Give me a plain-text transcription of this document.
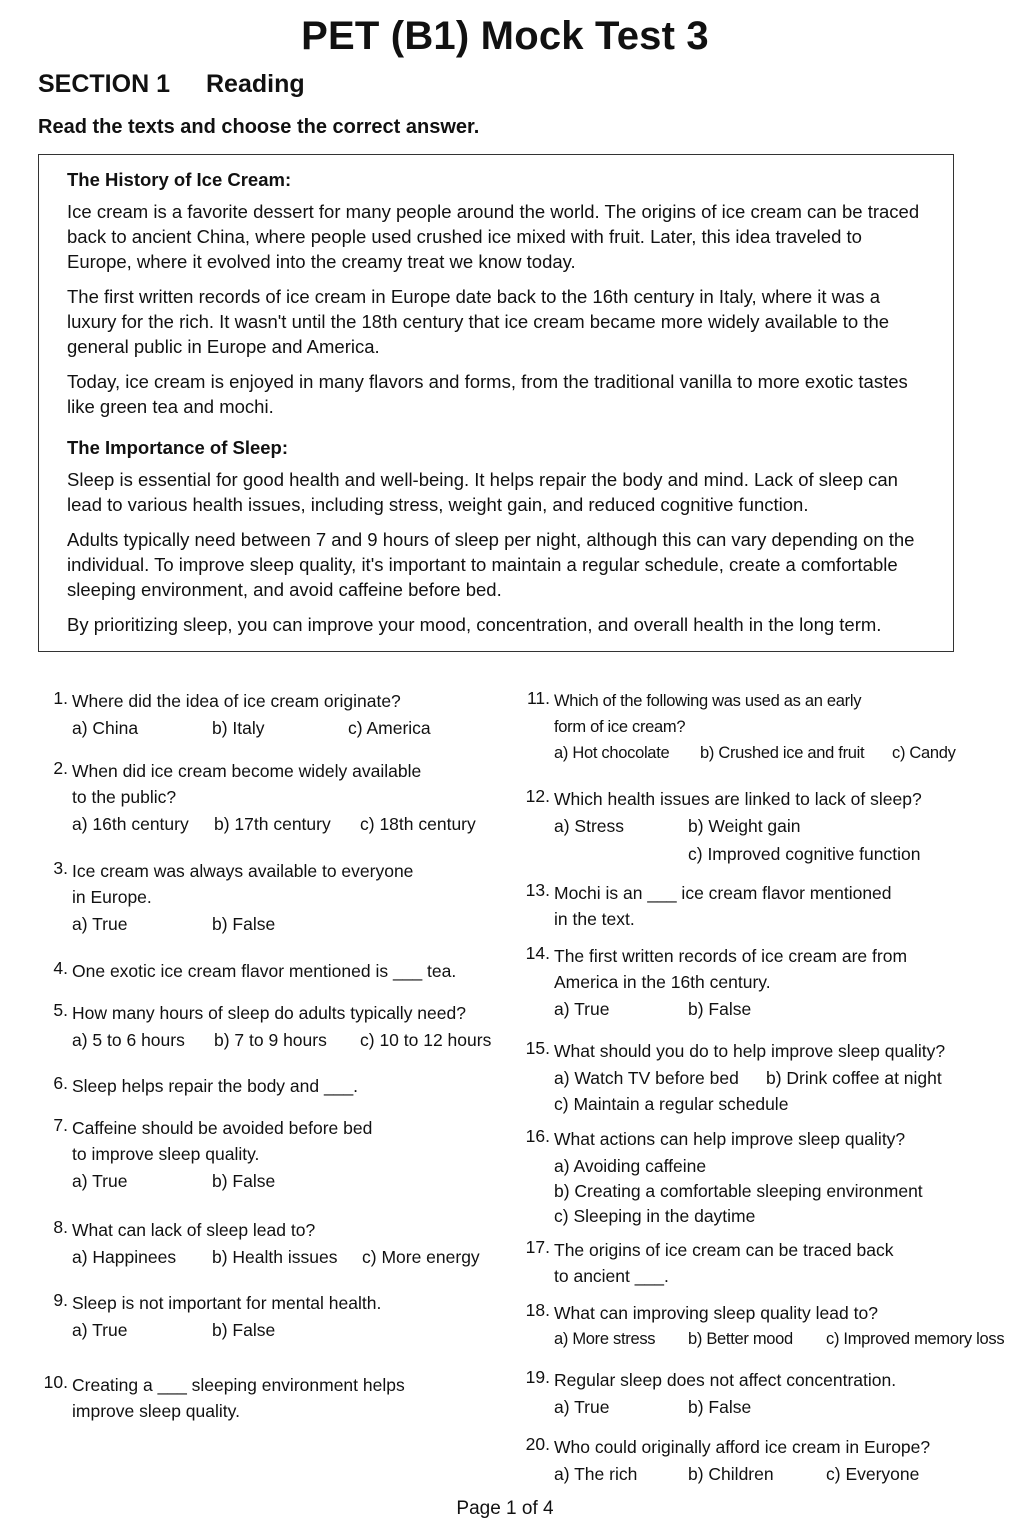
PET (B1) Mock Test 3
SECTION 1 Reading
Read the texts and choose the correct answer.
The History of Ice Cream:

Ice cream is a favorite dessert for many people around the world. The origins of ice cream can be traced back to ancient China, where people used crushed ice mixed with fruit. Later, this idea traveled to Europe, where it evolved into the creamy treat we know today.

The first written records of ice cream in Europe date back to the 16th century in Italy, where it was a luxury for the rich. It wasn't until the 18th century that ice cream became more widely available to the general public in Europe and America.

Today, ice cream is enjoyed in many flavors and forms, from the traditional vanilla to more exotic tastes like green tea and mochi.

The Importance of Sleep:

Sleep is essential for good health and well-being. It helps repair the body and mind. Lack of sleep can lead to various health issues, including stress, weight gain, and reduced cognitive function.

Adults typically need between 7 and 9 hours of sleep per night, although this can vary depending on the individual. To improve sleep quality, it's important to maintain a regular schedule, create a comfortable sleeping environment, and avoid caffeine before bed.

By prioritizing sleep, you can improve your mood, concentration, and overall health in the long term.

1. Where did the idea of ice cream originate?
a) China	b) Italy	c) America
2. When did ice cream become widely available
to the public?
a) 16th century b) 17th century c) 18th century
3. Ice cream was always available to everyone
in Europe.
a) True	b) False
4. One exotic ice cream flavor mentioned is ___ tea.
5. How many hours of sleep do adults typically need?
a) 5 to 6 hours b) 7 to 9 hours c) 10 to 12 hours
6. Sleep helps repair the body and ___.
7. Caffeine should be avoided before bed
to improve sleep quality.
a) True	b) False
8. What can lack of sleep lead to?
a) Happinees b) Health issues c) More energy
9. Sleep is not important for mental health.
a) True	b) False
10. Creating a ___ sleeping environment helps
improve sleep quality.
11. Which of the following was used as an early
form of ice cream?
a) Hot chocolate b) Crushed ice and fruit c) Candy
12. Which health issues are linked to lack of sleep?
a) Stress	b) Weight gain
c) Improved cognitive function
13. Mochi is an ___ ice cream flavor mentioned
in the text.
14. The first written records of ice cream are from
America in the 16th century.
a) True	b) False
15. What should you do to help improve sleep quality?
a) Watch TV before bed b) Drink coffee at night
c) Maintain a regular schedule
16. What actions can help improve sleep quality?
a) Avoiding caffeine
b) Creating a comfortable sleeping environment
c) Sleeping in the daytime
17. The origins of ice cream can be traced back
to ancient ___.
18. What can improving sleep quality lead to?
a) More stress b) Better mood c) Improved memory loss
19. Regular sleep does not affect concentration.
a) True	b) False
20. Who could originally afford ice cream in Europe?
a) The rich	b) Children	c) Everyone
Page 1 of 4
